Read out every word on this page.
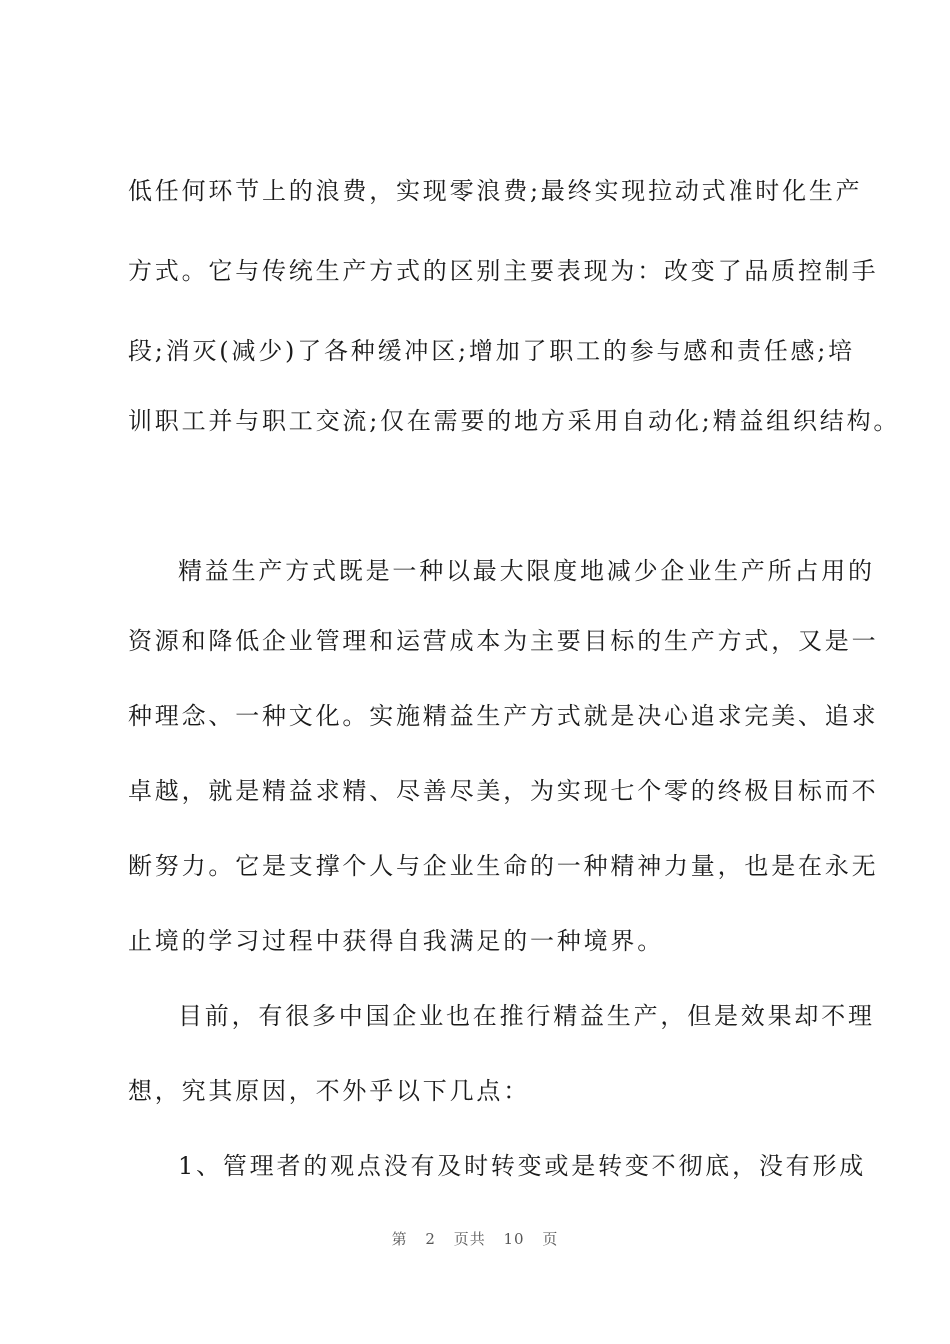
低任何环节上的浪费，实现零浪费;最终实现拉动式准时化生产
方式。它与传统生产方式的区别主要表现为：改变了品质控制手
段;消灭(减少)了各种缓冲区;增加了职工的参与感和责任感;培
训职工并与职工交流;仅在需要的地方采用自动化;精益组织结构。
精益生产方式既是一种以最大限度地减少企业生产所占用的
资源和降低企业管理和运营成本为主要目标的生产方式，又是一
种理念、一种文化。实施精益生产方式就是决心追求完美、追求
卓越，就是精益求精、尽善尽美，为实现七个零的终极目标而不
断努力。它是支撑个人与企业生命的一种精神力量，也是在永无
止境的学习过程中获得自我满足的一种境界。
目前，有很多中国企业也在推行精益生产，但是效果却不理
想，究其原因，不外乎以下几点：
1、管理者的观点没有及时转变或是转变不彻底，没有形成
第 2 页共 10 页
